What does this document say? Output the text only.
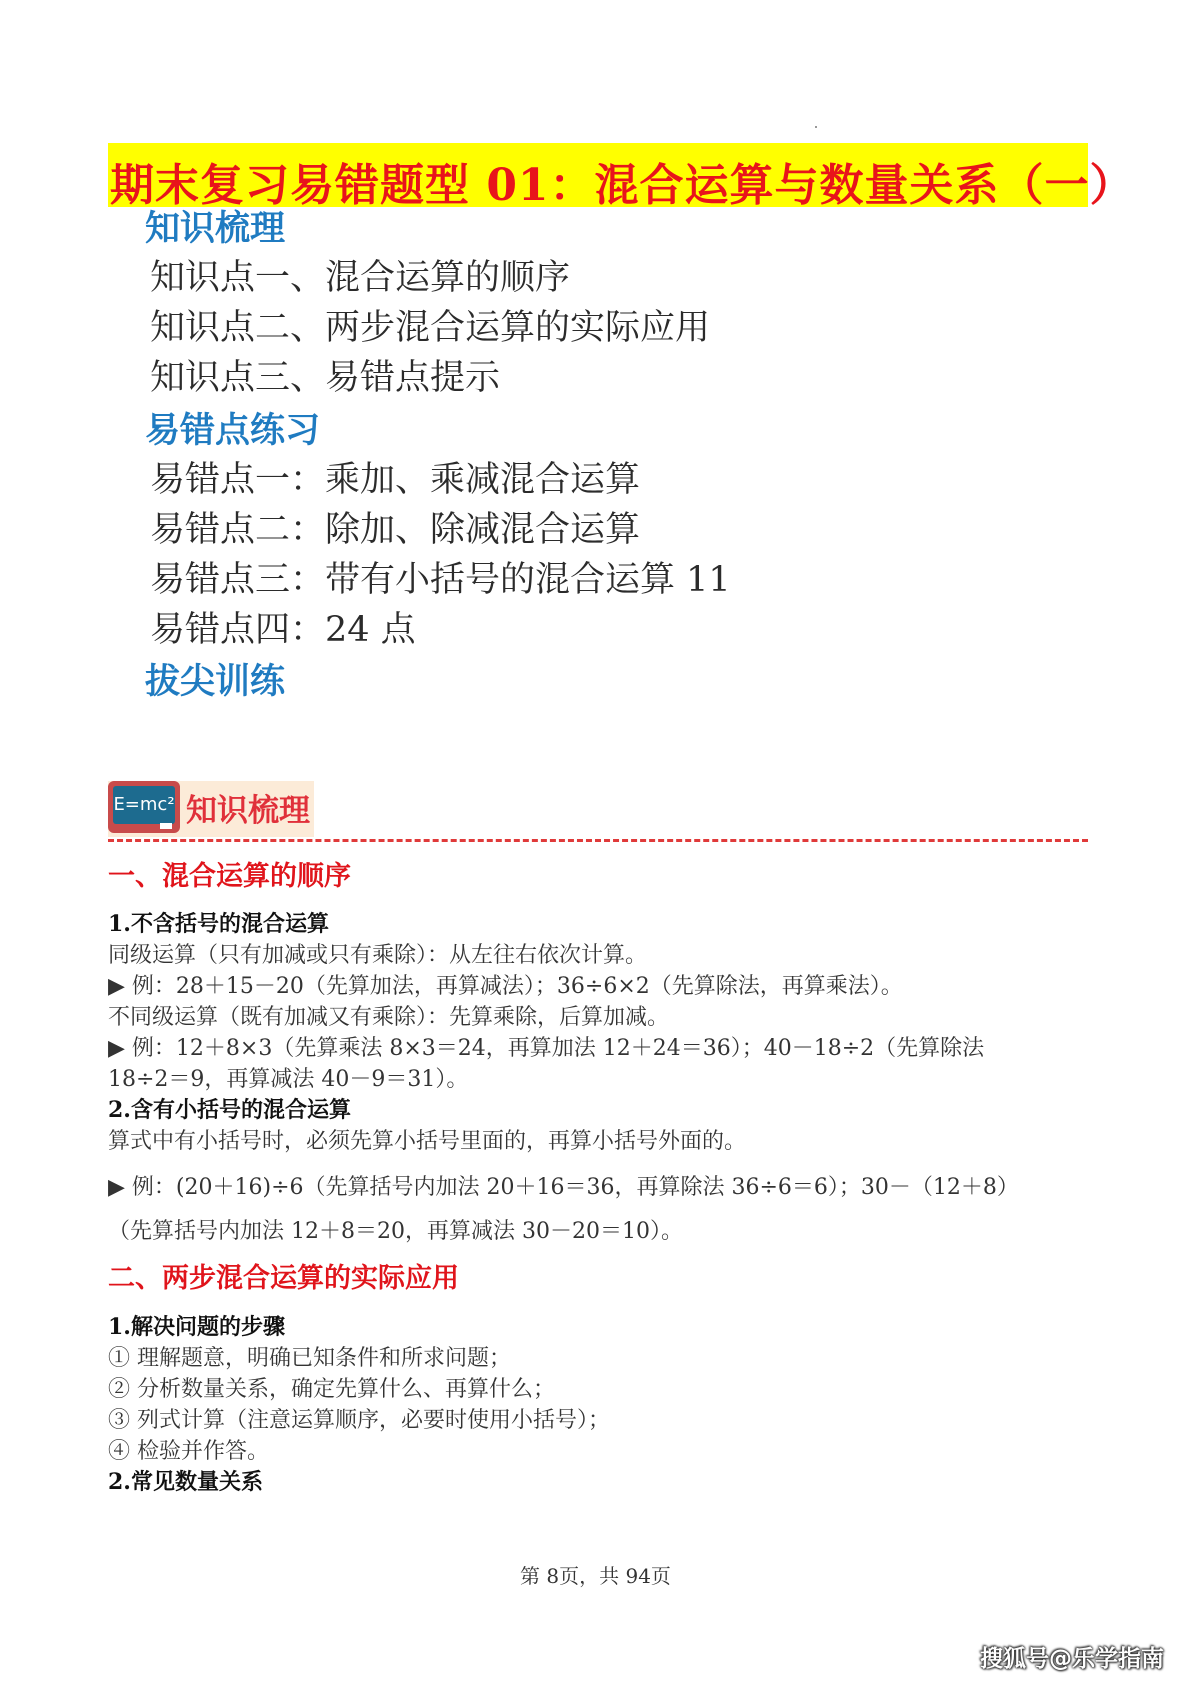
期末复习易错题型 01：混合运算与数量关系（一）
知识梳理
知识点一、混合运算的顺序
知识点二、两步混合运算的实际应用
知识点三、易错点提示
易错点练习
易错点一：乘加、乘减混合运算
易错点二：除加、除减混合运算
易错点三：带有小括号的混合运算 11
易错点四：24 点
拔尖训练
E=mc² 知识梳理
一、混合运算的顺序
1.不含括号的混合运算
同级运算（只有加减或只有乘除）：从左往右依次计算。
▶ 例：28＋15－20（先算加法，再算减法）；36÷6×2（先算除法，再算乘法）。
不同级运算（既有加减又有乘除）：先算乘除，后算加减。
▶ 例：12＋8×3（先算乘法 8×3＝24，再算加法 12＋24＝36）；40－18÷2（先算除法
18÷2＝9，再算减法 40－9＝31）。
2.含有小括号的混合运算
算式中有小括号时，必须先算小括号里面的，再算小括号外面的。
▶ 例：(20＋16)÷6（先算括号内加法 20＋16＝36，再算除法 36÷6＝6）；30－（12＋8）
（先算括号内加法 12＋8＝20，再算减法 30－20＝10）。
二、两步混合运算的实际应用
1.解决问题的步骤
① 理解题意，明确已知条件和所求问题；
② 分析数量关系，确定先算什么、再算什么；
③ 列式计算（注意运算顺序，必要时使用小括号）；
④ 检验并作答。
2.常见数量关系
第 8页，共 94页
搜狐号@乐学指南
